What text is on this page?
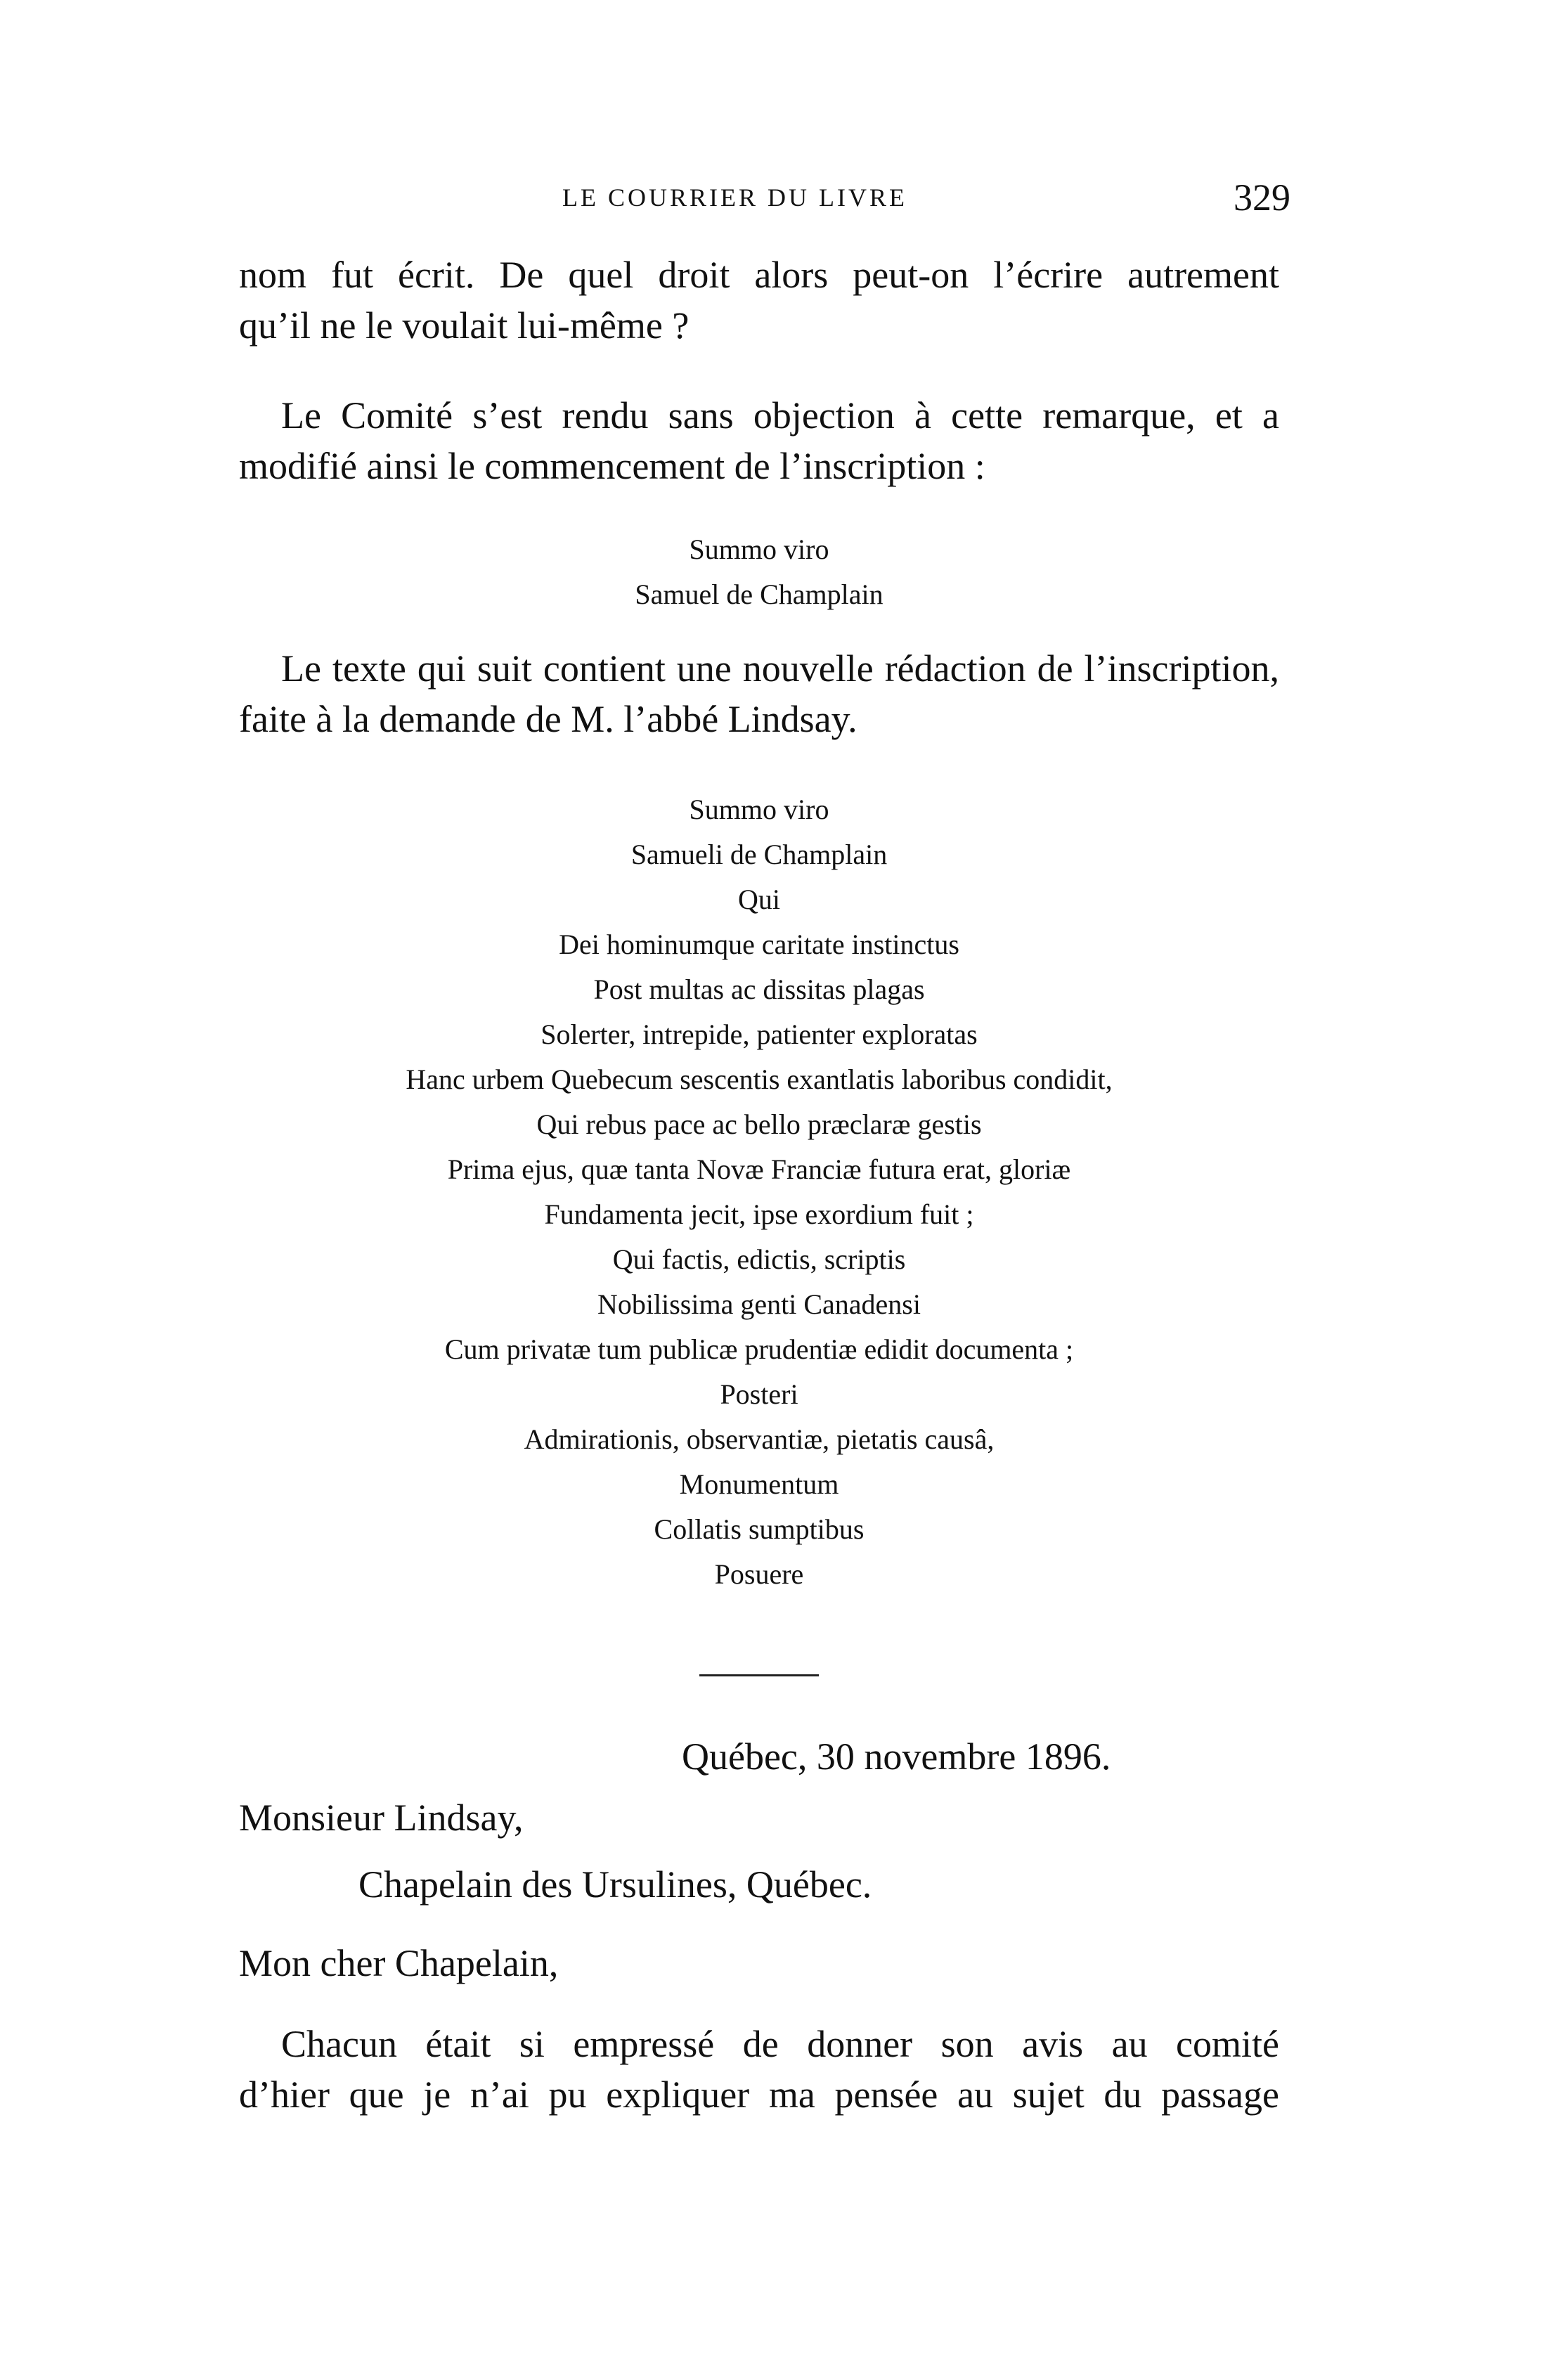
LE COURRIER DU LIVRE	329
nom fut écrit. De quel droit alors peut-on l’écrire autrement
qu’il ne le voulait lui-même ?

Le Comité s’est rendu sans objection à cette remarque, et a modifié ainsi le commencement de l’inscription :

Summo viro
Samuel de Champlain

Le texte qui suit contient une nouvelle rédaction de l’inscription, faite à la demande de M. l’abbé Lindsay.

Summo viro
Samueli de Champlain
Qui
Dei hominumque caritate instinctus
Post multas ac dissitas plagas
Solerter, intrepide, patienter exploratas
Hanc urbem Quebecum sescentis exantlatis laboribus condidit,
Qui rebus pace ac bello præclaræ gestis
Prima ejus, quæ tanta Novæ Franciæ futura erat, gloriæ
Fundamenta jecit, ipse exordium fuit ;
Qui factis, edictis, scriptis
Nobilissima genti Canadensi
Cum privatæ tum publicæ prudentiæ edidit documenta ;
Posteri
Admirationis, observantiæ, pietatis causâ,
Monumentum
Collatis sumptibus
Posuere
Québec, 30 novembre 1896.
Monsieur Lindsay,
Chapelain des Ursulines, Québec.
Mon cher Chapelain,
Chacun était si empressé de donner son avis au comité
d’hier que je n’ai pu expliquer ma pensée au sujet du passage
